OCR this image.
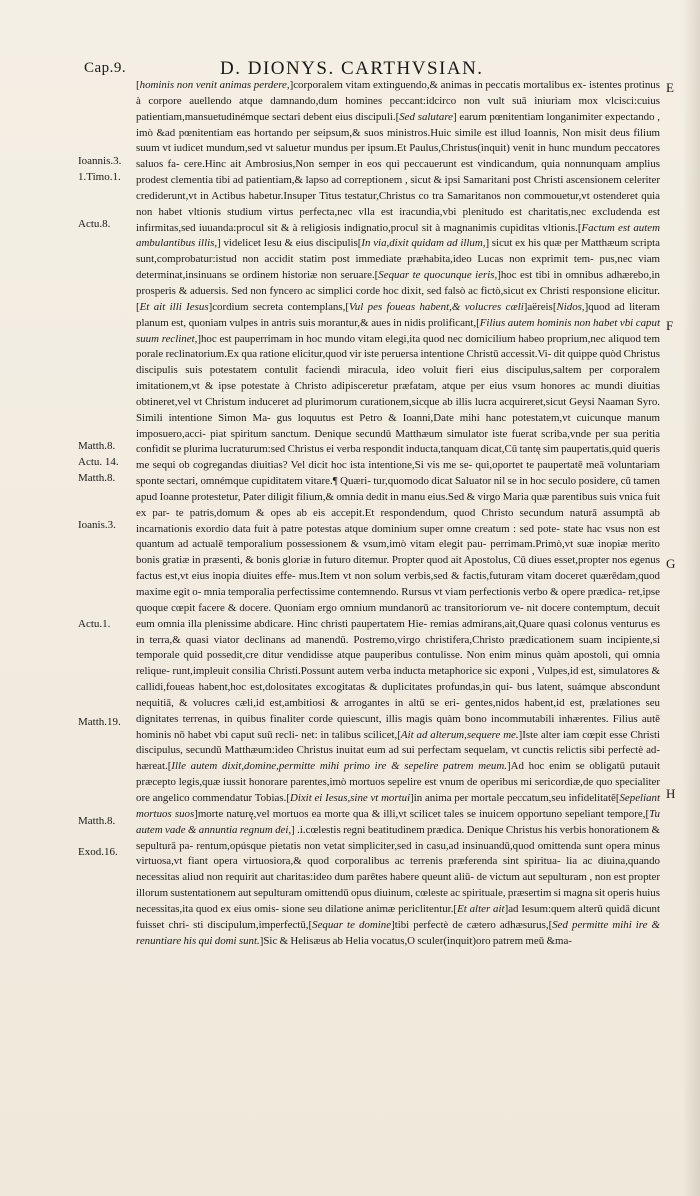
Cap.9.	D. DIONYS. CARTHVSIAN.
Ioannis.3.
1.Timo.1.
Actu.8.
Matth.8.
Actu. 14.
Matth.8.
Ioanis.3.
Actu.1.
Matth.19.
Matth.8.
Exod.16.
E
F
G
H

[hominis non venit animas perdere,]corporalem vitam extinguendo,& animas in peccatis mortalibus ex- istentes protinus à corpore auellendo atque damnando,dum homines peccant:idcirco non vult suā iniuriam mox vlcisci:cuius patientiam,mansuetudinémque sectari debent eius discipuli.[Sed salutare] earum pœnitentiam longanimiter expectando , imò &ad pœnitentiam eas hortando per seipsum,& suos ministros.Huic simile est illud Ioannis, Non misit deus filium suum vt iudicet mundum,sed vt saluetur mundus per ipsum.Et Paulus,Christus(inquit) venit in hunc mundum peccatores saluos fa- cere.Hinc ait Ambrosius,Non semper in eos qui peccauerunt est vindicandum, quia nonnunquam amplius prodest clementia tibi ad patientiam,& lapso ad correptionem , sicut & ipsi Samaritani post Christi ascensionem celeriter crediderunt,vt in Actibus habetur.Insuper Titus testatur,Christus co tra Samaritanos non commouetur,vt ostenderet quia non habet vltionis studium virtus perfecta,nec vlla est iracundia,vbi plenitudo est charitatis,nec excludenda est infirmitas,sed iuuanda:procul sit & à religiosis indignatio,procul sit à magnanimis cupiditas vltionis.[Factum est autem ambulantibus illis,] videlicet Iesu & eius discipulis[In via,dixit quidam ad illum,] sicut ex his quæ per Matthæum scripta sunt,comprobatur:istud non accidit statim post immediate præhabita,ideo Lucas non exprimit tem- pus,nec viam determinat,insinuans se ordinem historiæ non seruare.[Sequar te quocunque ieris,]hoc est tibi in omnibus adhærebo,in prosperis & aduersis. Sed non fyncero ac simplici corde hoc dixit, sed falsò ac fictò,sicut ex Christi responsione elicitur.[Et ait illi Iesus]cordium secreta contemplans,[Vul pes foueas habent,& volucres cæli]aëreis[Nidos,]quod ad literam planum est, quoniam vulpes in antris suis morantur,& aues in nidis prolificant,[Filius autem hominis non habet vbi caput suum reclinet,]hoc est pauperrimam in hoc mundo vitam elegi,ita quod nec domicilium habeo proprium,nec aliquod tem porale reclinatorium.Ex qua ratione elicitur,quod vir iste peruersa intentione Christū accessit.Vi- dit quippe quòd Christus discipulis suis potestatem contulit faciendi miracula, ideo voluit fieri eius discipulus,saltem per corporalem imitationem,vt & ipse potestate à Christo adipisceretur præfatam, atque per eius vsum honores ac mundi diuitias obtineret,vel vt Christum induceret ad plurimorum curationem,sicque ab illis lucra acquireret,sicut Geysi Naaman Syro. Simili intentione Simon Ma- gus loquutus est Petro & Ioanni,Date mihi hanc potestatem,vt cuicunque manum imposuero,acci- piat spiritum sanctum. Denique secundū Matthæum simulator iste fuerat scriba,vnde per sua peritia confidit se plurima lucraturum:sed Christus ei verba respondit inducta,tanquam dicat,Cū tantę sim paupertatis,quid queris me sequi ob cogregandas diuitias? Vel dicit hoc ista intentione,Si vis me se- qui,oportet te paupertatē meā voluntariam sponte sectari, omnémque cupiditatem vitare.¶ Quæri- tur,quomodo dicat Saluator nil se in hoc seculo posidere, cū tamen apud Ioanne protestetur, Pater diligit filium,& omnia dedit in manu eius.Sed & virgo Maria quæ parentibus suis vnica fuit ex par- te patris,domum & opes ab eis accepit.Et respondendum, quod Christo secundum naturā assumptā ab incarnationis exordio data fuit à patre potestas atque dominium super omne creatum : sed pote- state hac vsus non est quantum ad actualē temporalium possessionem & vsum,imò vitam elegit pau- perrimam.Primò,vt suæ inopiæ merito bonis gratiæ in præsenti, & bonis gloriæ in futuro ditemur. Propter quod ait Apostolus, Cū diues esset,propter nos egenus factus est,vt eius inopia diuites effe- mus.Item vt non solum verbis,sed & factis,futuram vitam doceret quærēdam,quod maxime egit o- mnia temporalia perfectissime contemnendo. Rursus vt viam perfectionis verbo & opere prædica- ret,ipse quoque cœpit facere & docere. Quoniam ergo omnium mundanorū ac transitoriorum ve- nit docere contemptum, decuit eum omnia illa plenissime abdicare. Hinc christi paupertatem Hie- remias admirans,ait,Quare quasi colonus venturus es in terra,& quasi viator declinans ad manendū. Postremo,virgo christifera,Christo prædicationem suam incipiente,si temporale quid possedit,cre ditur vendidisse atque pauperibus contulisse. Non enim minus quàm apostoli, qui omnia relique- runt,impleuit consilia Christi.Possunt autem verba inducta metaphorice sic exponi , Vulpes,id est, simulatores & callidi,foueas habent,hoc est,dolositates excogitatas & duplicitates profundas,in qui- bus latent, suámque abscondunt nequitiā, & volucres cæli,id est,ambitiosi & arrogantes in altū se eri- gentes,nidos habent,id est, prælationes seu dignitates terrenas, in quibus finaliter corde quiescunt, illis magis quàm bono incommutabili inhærentes. Filius autē hominis nō habet vbi caput suū recli- net: in talibus scilicet,[Ait ad alterum,sequere me.]Iste alter iam cœpit esse Christi discipulus, secundū Matthæum:ideo Christus inuitat eum ad sui perfectam sequelam, vt cunctis relictis sibi perfectè ad- hæreat.[Ille autem dixit,domine,permitte mihi primo ire & sepelire patrem meum.]Ad hoc enim se obligatū putauit præcepto legis,quæ iussit honorare parentes,imò mortuos sepelire est vnum de operibus mi sericordiæ,de quo specialiter ore angelico commendatur Tobias.[Dixit ei Iesus,sine vt mortui]in anima per mortale peccatum,seu infidelitatē[Sepeliant mortuos suos]morte naturę,vel mortuos ea morte qua & illi,vt scilicet tales se inuicem opportuno sepeliant tempore,[Tu autem vade & annuntia regnum dei,] .i.cœlestis regni beatitudinem prædica. Denique Christus his verbis honorationem & sepulturā pa- rentum,opúsque pietatis non vetat simpliciter,sed in casu,ad insinuandū,quod omittenda sunt opera minus virtuosa,vt fiant opera virtuosiora,& quod corporalibus ac terrenis præferenda sint spiritua- lia ac diuina,quando necessitas aliud non requirit aut charitas:ideo dum parētes habere queunt aliū- de victum aut sepulturam , non est propter illorum sustentationem aut sepulturam omittendū opus diuinum, cœleste ac spirituale, præsertim si magna sit operis huius necessitas,ita quod ex eius omis- sione seu dilatione animæ periclitentur.[Et alter ait]ad Iesum:quem alterū quidā dicunt fuisset chri- sti discipulum,imperfectū,[Sequar te domine]tibi perfectè de cætero adhæsurus,[Sed permitte mihi ire & renuntiare his qui domi sunt.]Sic & Helisæus ab Helia vocatus,O sculer(inquit)oro patrem meū &ma-
